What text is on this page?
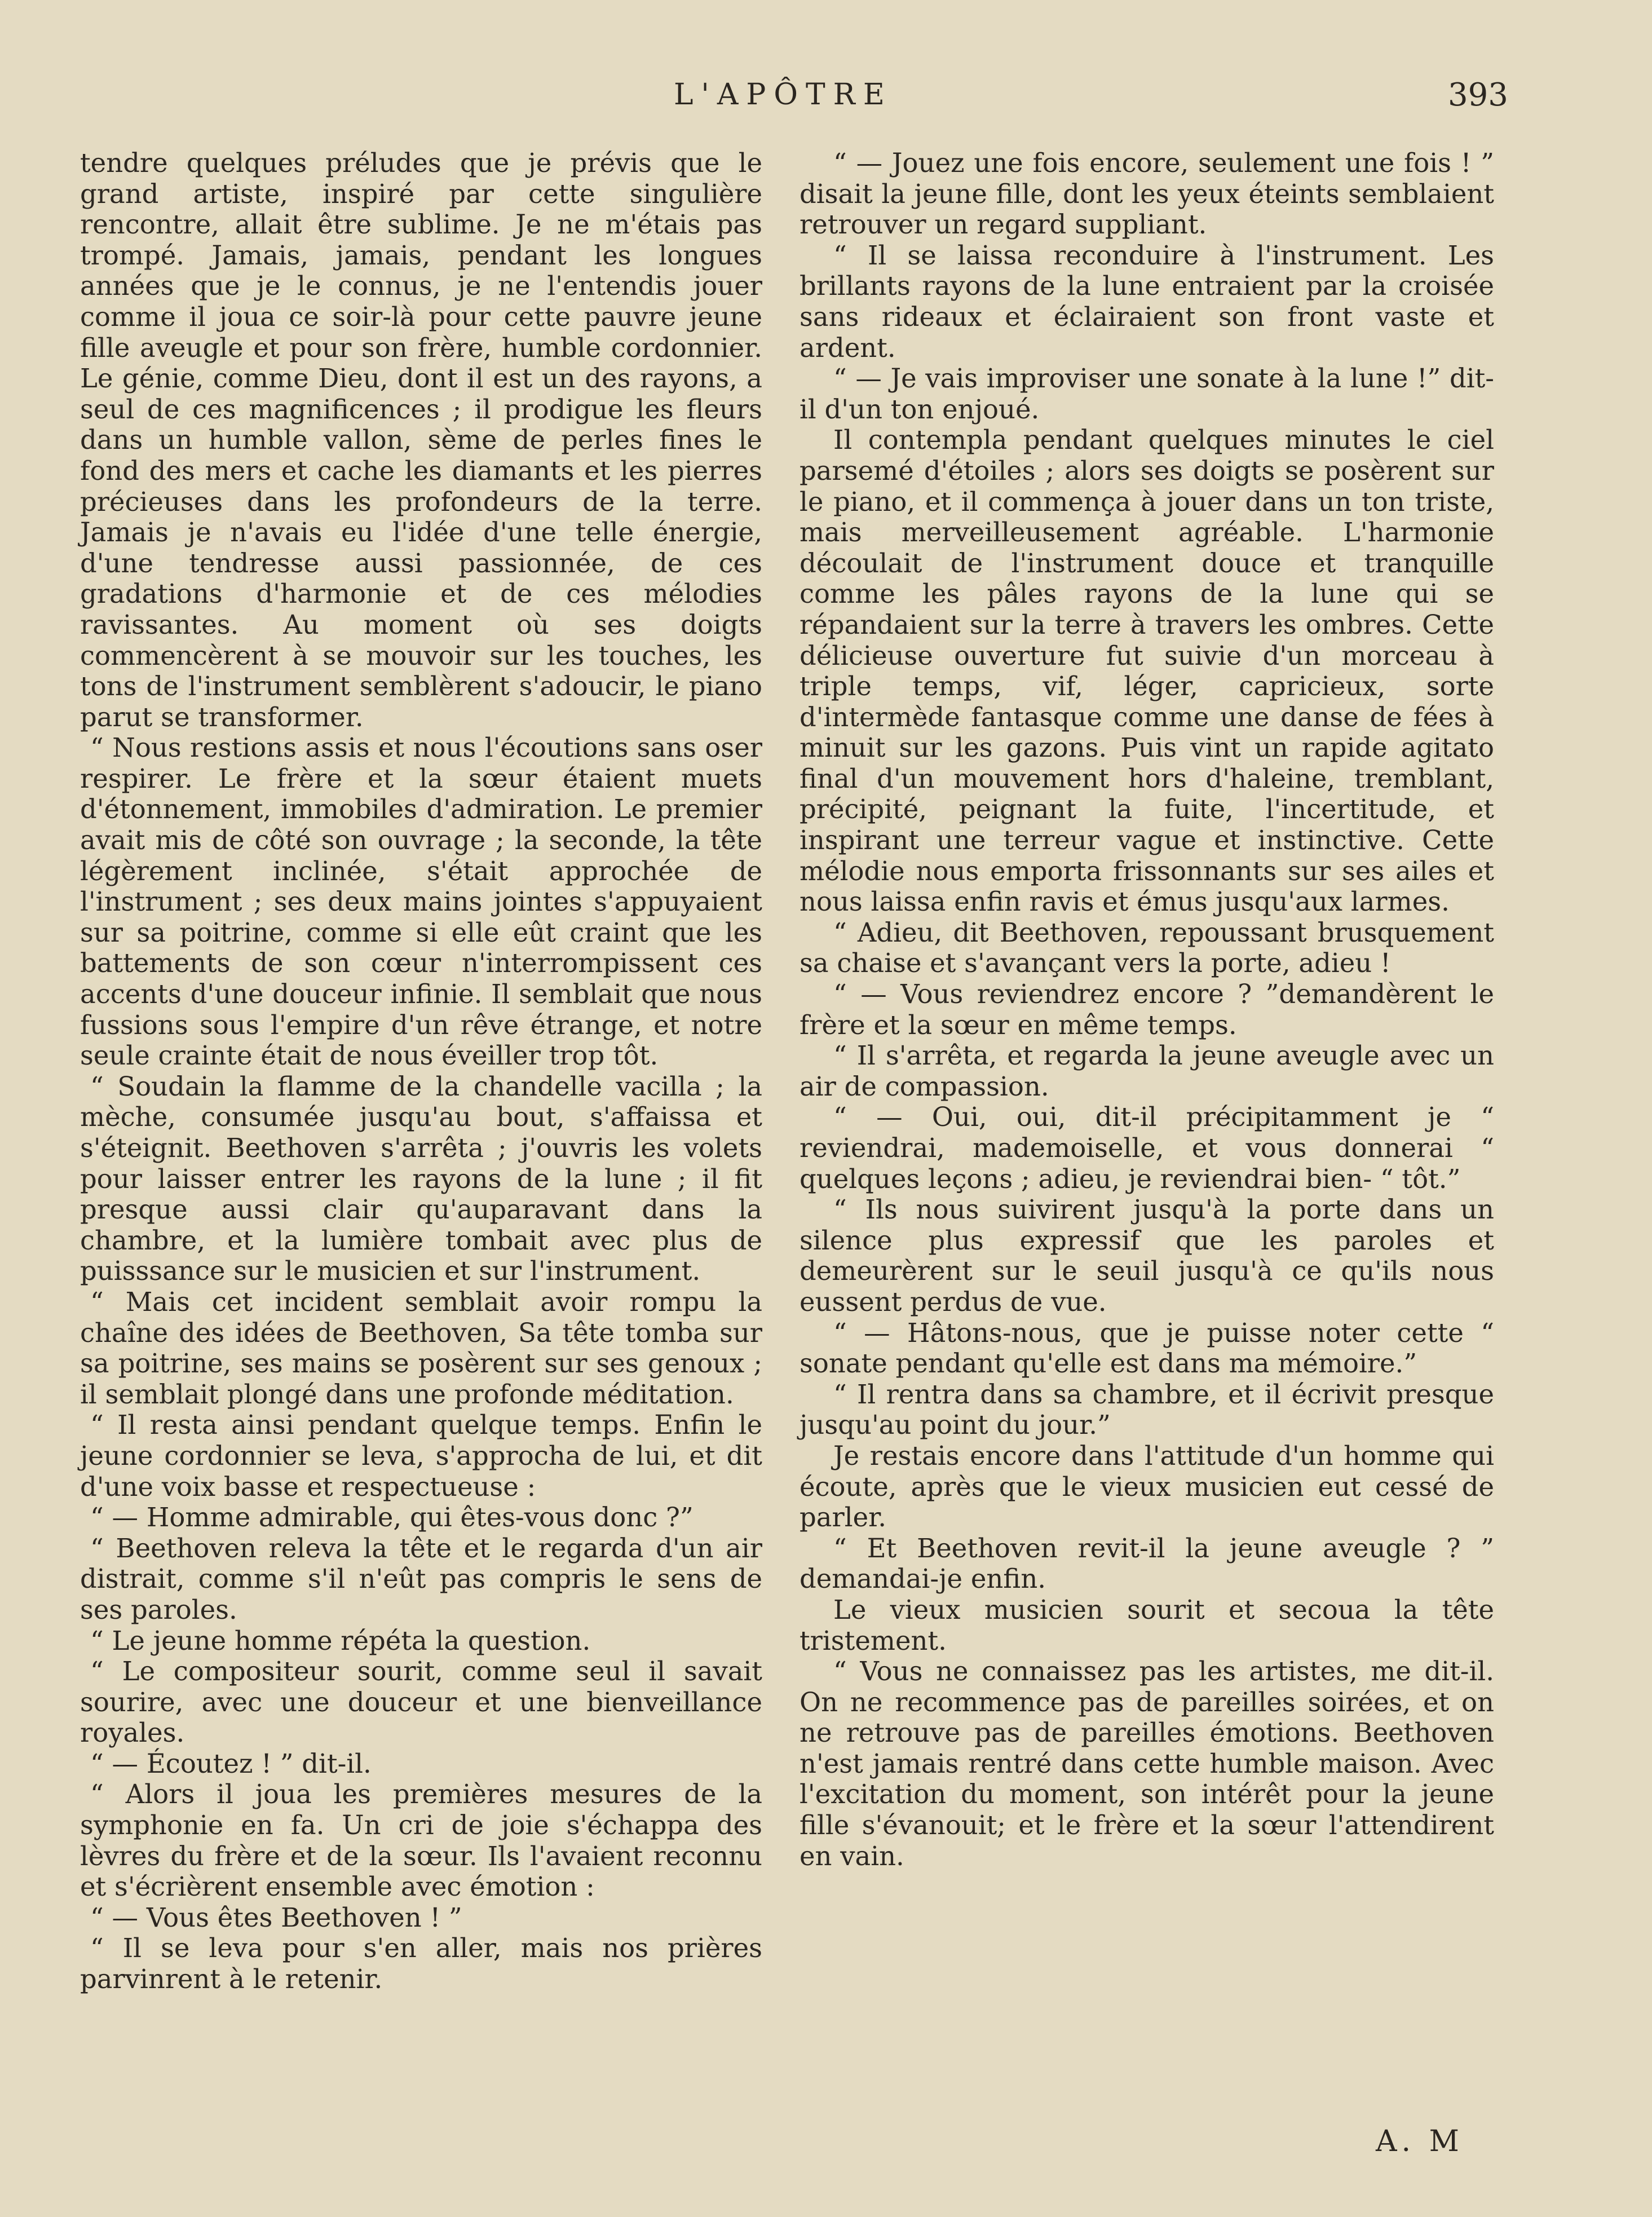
L'APÔTRE	393

tendre quelques préludes que je prévis que le grand artiste, inspiré par cette singulière rencontre, allait être sublime. Je ne m'étais pas trompé. Jamais, jamais, pendant les longues années que je le connus, je ne l'entendis jouer comme il joua ce soir-là pour cette pauvre jeune fille aveugle et pour son frère, humble cordonnier. Le génie, comme Dieu, dont il est un des rayons, a seul de ces magnificences ; il prodigue les fleurs dans un humble vallon, sème de perles fines le fond des mers et cache les diamants et les pierres précieuses dans les profondeurs de la terre. Jamais je n'avais eu l'idée d'une telle énergie, d'une tendresse aussi passionnée, de ces gradations d'harmonie et de ces mélodies ravissantes. Au moment où ses doigts commencèrent à se mouvoir sur les touches, les tons de l'instrument semblèrent s'adoucir, le piano parut se transformer.

“ Nous restions assis et nous l'écoutions sans oser respirer. Le frère et la sœur étaient muets d'étonnement, immobiles d'admiration. Le premier avait mis de côté son ouvrage ; la seconde, la tête légèrement inclinée, s'était approchée de l'instrument ; ses deux mains jointes s'appuyaient sur sa poitrine, comme si elle eût craint que les battements de son cœur n'interrompissent ces accents d'une douceur infinie. Il semblait que nous fussions sous l'empire d'un rêve étrange, et notre seule crainte était de nous éveiller trop tôt.

“ Soudain la flamme de la chandelle vacilla ; la mèche, consumée jusqu'au bout, s'affaissa et s'éteignit. Beethoven s'arrêta ; j'ouvris les volets pour laisser entrer les rayons de la lune ; il fit presque aussi clair qu'auparavant dans la chambre, et la lumière tombait avec plus de puisssance sur le musicien et sur l'instrument.

“ Mais cet incident semblait avoir rompu la chaîne des idées de Beethoven, Sa tête tomba sur sa poitrine, ses mains se posèrent sur ses genoux ; il semblait plongé dans une profonde méditation.

“ Il resta ainsi pendant quelque temps. Enfin le jeune cordonnier se leva, s'approcha de lui, et dit d'une voix basse et respectueuse :

“ — Homme admirable, qui êtes-vous donc ?”

“ Beethoven releva la tête et le regarda d'un air distrait, comme s'il n'eût pas compris le sens de ses paroles.

“ Le jeune homme répéta la question.

“ Le compositeur sourit, comme seul il savait sourire, avec une douceur et une bienveillance royales.

“ — Écoutez ! ” dit-il.

“ Alors il joua les premières mesures de la symphonie en fa. Un cri de joie s'échappa des lèvres du frère et de la sœur. Ils l'avaient reconnu et s'écrièrent ensemble avec émotion :

“ — Vous êtes Beethoven ! ”

“ Il se leva pour s'en aller, mais nos prières parvinrent à le retenir.

“ — Jouez une fois encore, seulement une fois ! ” disait la jeune fille, dont les yeux éteints semblaient retrouver un regard suppliant.

“ Il se laissa reconduire à l'instrument. Les brillants rayons de la lune entraient par la croisée sans rideaux et éclairaient son front vaste et ardent.

“ — Je vais improviser une sonate à la lune !” dit-il d'un ton enjoué.

Il contempla pendant quelques minutes le ciel parsemé d'étoiles ; alors ses doigts se posèrent sur le piano, et il commença à jouer dans un ton triste, mais merveilleusement agréable. L'harmonie découlait de l'instrument douce et tranquille comme les pâles rayons de la lune qui se répandaient sur la terre à travers les ombres. Cette délicieuse ouverture fut suivie d'un morceau à triple temps, vif, léger, capricieux, sorte d'intermède fantasque comme une danse de fées à minuit sur les gazons. Puis vint un rapide agitato final d'un mouvement hors d'haleine, tremblant, précipité, peignant la fuite, l'incertitude, et inspirant une terreur vague et instinctive. Cette mélodie nous emporta frissonnants sur ses ailes et nous laissa enfin ravis et émus jusqu'aux larmes.

“ Adieu, dit Beethoven, repoussant brusquement sa chaise et s'avançant vers la porte, adieu !

“ — Vous reviendrez encore ? ”demandèrent le frère et la sœur en même temps.

“ Il s'arrêta, et regarda la jeune aveugle avec un air de compassion.

“ — Oui, oui, dit-il précipitamment je “ reviendrai, mademoiselle, et vous donnerai “ quelques leçons ; adieu, je reviendrai bien- “ tôt.”

“ Ils nous suivirent jusqu'à la porte dans un silence plus expressif que les paroles et demeurèrent sur le seuil jusqu'à ce qu'ils nous eussent perdus de vue.

“ — Hâtons-nous, que je puisse noter cette “ sonate pendant qu'elle est dans ma mémoire.”

“ Il rentra dans sa chambre, et il écrivit presque jusqu'au point du jour.”

Je restais encore dans l'attitude d'un homme qui écoute, après que le vieux musicien eut cessé de parler.

“ Et Beethoven revit-il la jeune aveugle ? ” demandai-je enfin.

Le vieux musicien sourit et secoua la tête tristement.

“ Vous ne connaissez pas les artistes, me dit-il. On ne recommence pas de pareilles soirées, et on ne retrouve pas de pareilles émotions. Beethoven n'est jamais rentré dans cette humble maison. Avec l'excitation du moment, son intérêt pour la jeune fille s'évanouit; et le frère et la sœur l'attendirent en vain.

A. M
